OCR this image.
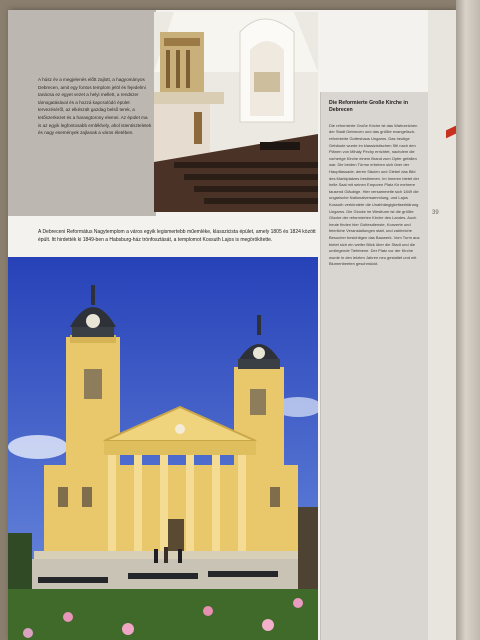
A húsz év a megjelenés előtt zajlott, a hagyományos Debrecen, amit egy fontos templom jelöl és fejedelmi tanácsa ez egyet vezet a helyi mellett, a rendszer támogatásával és a hozzá kapcsolódó épület tervezéséről, az elkészült gazdag belső terek, a tetőszerkezet és a harangtorony elemei. Az épület ma is az egyik legfontosabb emlékhely, ahol istentiszteletek és nagy események zajlanak a város életében.

A Debreceni Református Nagytemplom a város egyik legismertebb műemléke, klasszicista épület, amely 1805 és 1824 között épült. Itt hirdették ki 1849-ben a Habsburg-ház trónfosztását, a templomot Kossuth Lajos is megörökítette.

Die Reformierte Große Kirche in Debrecen
Die reformierte Große Kirche ist das Wahrzeichen der Stadt Debrecen und das größte evangelisch-reformierte Gotteshaus Ungarns. Das heutige Gebäude wurde im klassizistischen Stil nach den Plänen von Mihály Péchy errichtet, nachdem die vorherige Kirche einem Brand zum Opfer gefallen war. Die beiden Türme erheben sich über der Hauptfassade, deren Säulen und Giebel das Bild des Marktplatzes bestimmen. Im Inneren bietet der helle Saal mit seinen Emporen Platz für mehrere tausend Gläubige. Hier versammelte sich 1849 die ungarische Nationalversammlung, und Lajos Kossuth verkündete die Unabhängigkeitserklärung Ungarns. Die Glocke im Westturm ist die größte Glocke der reformierten Kirche des Landes. Auch heute finden hier Gottesdienste, Konzerte und feierliche Veranstaltungen statt, und zahlreiche Besucher besichtigen das Bauwerk. Vom Turm aus bietet sich ein weiter Blick über die Stadt und die umliegende Tiefebene. Der Platz vor der Kirche wurde in den letzten Jahren neu gestaltet und mit Blumenbeeten geschmückt.
39
